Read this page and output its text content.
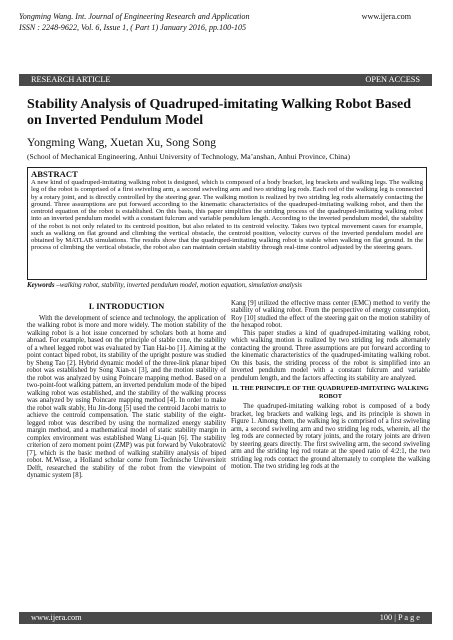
Yongming Wang. Int. Journal of Engineering Research and Application	www.ijera.com
ISSN : 2248-9622, Vol. 6, Issue 1, ( Part 1) January 2016, pp.100-105
RESEARCH ARTICLE	OPEN ACCESS
Stability Analysis of Quadruped-imitating Walking Robot Based on Inverted Pendulum Model
Yongming Wang, Xuetan Xu, Song Song
(School of Mechanical Engineering, Anhui University of Technology, Ma’anshan, Anhui Province, China)
ABSTRACT

A new kind of quadruped-imitating walking robot is designed, which is composed of a body bracket, leg brackets and walking legs. The walking leg of the robot is comprised of a first swiveling arm, a second swiveling arm and two striding leg rods. Each rod of the walking leg is connected by a rotary joint, and is directly controlled by the steering gear. The walking motion is realized by two striding leg rods alternately contacting the ground. Three assumptions are put forward according to the kinematic characteristics of the quadruped-imitating walking robot, and then the centroid equation of the robot is established. On this basis, this paper simplifies the striding process of the quadruped-imitating walking robot into an inverted pendulum model with a constant fulcrum and variable pendulum length. According to the inverted pendulum model, the stability of the robot is not only related to its centroid position, but also related to its centroid velocity. Takes two typical movement cases for example, such as walking on flat ground and climbing the vertical obstacle, the centroid position, velocity curves of the inverted pendulum model are obtained by MATLAB simulations. The results show that the quadruped-imitating walking robot is stable when walking on flat ground. In the process of climbing the vertical obstacle, the robot also can maintain certain stability through real-time control adjusted by the steering gears.

Keywords –walking robot, stability, inverted pendulum model, motion equation, simulation analysis
I. INTRODUCTION

With the development of science and technology, the application of the walking robot is more and more widely. The motion stability of the walking robot is a hot issue concerned by scholars both at home and abroad. For example, based on the principle of stable cone, the stability of a wheel legged robot was evaluated by Tian Hai-bo [1]. Aiming at the point contact biped robot, its stability of the upright posture was studied by Sheng Tao [2]. Hybrid dynamic model of the three-link planar biped robot was established by Song Xian-xi [3], and the motion stability of the robot was analyzed by using Poincare mapping method. Based on a two-point-foot walking pattern, an inverted pendulum mode of the biped walking robot was established, and the stability of the walking process was analyzed by using Poincare mapping method [4]. In order to make the robot walk stably, Hu Jin-dong [5] used the centroid Jacobi matrix to achieve the centroid compensation. The static stability of the eight-legged robot was described by using the normalized energy stability margin method, and a mathematical model of static stability margin in complex environment was established Wang Li-quan [6]. The stability criterion of zero moment point (ZMP) was put forward by Vukobratović [7], which is the basic method of walking stability analysis of biped robot. M.Wisse, a Holland scholar come from Technische Universiteit Delft, researched the stability of the robot from the viewpoint of dynamic system [8].

Kang [9] utilized the effective mass center (EMC) method to verify the stability of walking robot. From the perspective of energy consumption, Roy [10] studied the effect of the steering gait on the motion stability of the hexapod robot.

This paper studies a kind of quadruped-imitating walking robot, which walking motion is realized by two striding leg rods alternately contacting the ground. Three assumptions are put forward according to the kinematic characteristics of the quadruped-imitating walking robot. On this basis, the striding process of the robot is simplified into an inverted pendulum model with a constant fulcrum and variable pendulum length, and the factors affecting its stability are analyzed.

II. THE PRINCIPLE OF THE QUADRUPED-IMITATING WALKING ROBOT

The quadruped-imitating walking robot is composed of a body bracket, leg brackets and walking legs, and its principle is shown in Figure 1. Among them, the walking leg is comprised of a first swiveling arm, a second swiveling arm and two striding leg rods, wherein, all the leg rods are connected by rotary joints, and the rotary joints are driven by steering gears directly. The first swiveling arm, the second swiveling arm and the striding leg rod rotate at the speed ratio of 4:2:1, the two striding leg rods contact the ground alternately to complete the walking motion. The two striding leg rods at the

www.ijera.com	100 | P a g e
